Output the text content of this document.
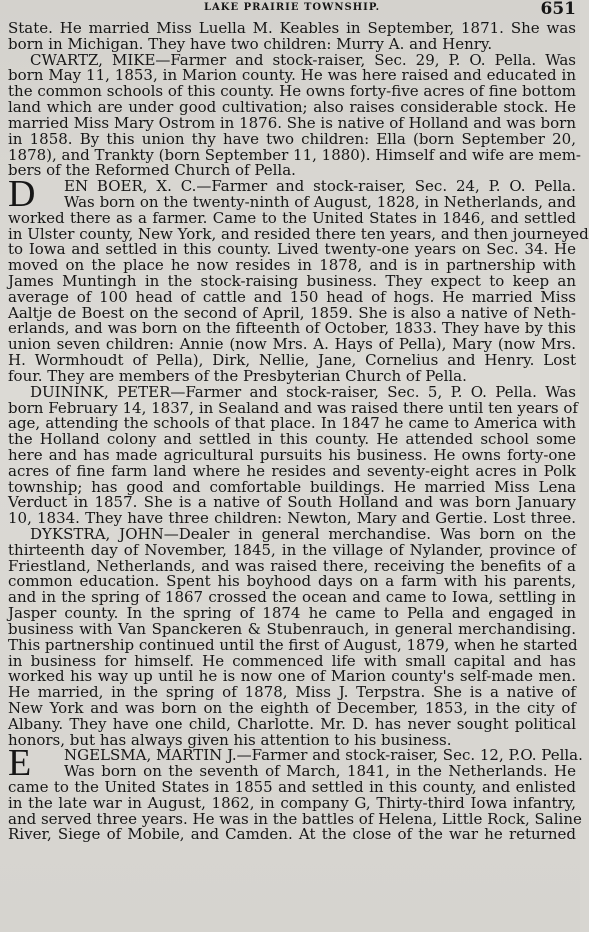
LAKE PRAIRIE TOWNSHIP.	651
State. He married Miss Luella M. Keables in September, 1871. She was
born in Michigan. They have two children: Murry A. and Henry.
CWARTZ, MIKE—Farmer and stock-raiser, Sec. 29, P. O. Pella. Was
born May 11, 1853, in Marion county. He was here raised and educated in
the common schools of this county. He owns forty-five acres of fine bottom
land which are under good cultivation; also raises considerable stock. He
married Miss Mary Ostrom in 1876. She is native of Holland and was born
in 1858. By this union thy have two children: Ella (born September 20,
1878), and Trankty (born September 11, 1880). Himself and wife are mem-
bers of the Reformed Church of Pella.
D EN BOER, X. C.—Farmer and stock-raiser, Sec. 24, P. O. Pella.
Was born on the twenty-ninth of August, 1828, in Netherlands, and
worked there as a farmer. Came to the United States in 1846, and settled
in Ulster county, New York, and resided there ten years, and then journeyed
to Iowa and settled in this county. Lived twenty-one years on Sec. 34. He
moved on the place he now resides in 1878, and is in partnership with
James Muntingh in the stock-raising business. They expect to keep an
average of 100 head of cattle and 150 head of hogs. He married Miss
Aaltje de Boest on the second of April, 1859. She is also a native of Neth-
erlands, and was born on the fifteenth of October, 1833. They have by this
union seven children: Annie (now Mrs. A. Hays of Pella), Mary (now Mrs.
H. Wormhoudt of Pella), Dirk, Nellie, Jane, Cornelius and Henry. Lost
four. They are members of the Presbyterian Church of Pella.
DUININK, PETER—Farmer and stock-raiser, Sec. 5, P. O. Pella. Was
born February 14, 1837, in Sealand and was raised there until ten years of
age, attending the schools of that place. In 1847 he came to America with
the Holland colony and settled in this county. He attended school some
here and has made agricultural pursuits his business. He owns forty-one
acres of fine farm land where he resides and seventy-eight acres in Polk
township; has good and comfortable buildings. He married Miss Lena
Verduct in 1857. She is a native of South Holland and was born January
10, 1834. They have three children: Newton, Mary and Gertie. Lost three.
DYKSTRA, JOHN—Dealer in general merchandise. Was born on the
thirteenth day of November, 1845, in the village of Nylander, province of
Friestland, Netherlands, and was raised there, receiving the benefits of a
common education. Spent his boyhood days on a farm with his parents,
and in the spring of 1867 crossed the ocean and came to Iowa, settling in
Jasper county. In the spring of 1874 he came to Pella and engaged in
business with Van Spanckeren & Stubenrauch, in general merchandising.
This partnership continued until the first of August, 1879, when he started
in business for himself. He commenced life with small capital and has
worked his way up until he is now one of Marion county's self-made men.
He married, in the spring of 1878, Miss J. Terpstra. She is a native of
New York and was born on the eighth of December, 1853, in the city of
Albany. They have one child, Charlotte. Mr. D. has never sought political
honors, but has always given his attention to his business.
E NGELSMA, MARTIN J.—Farmer and stock-raiser, Sec. 12, P.O. Pella.
Was born on the seventh of March, 1841, in the Netherlands. He
came to the United States in 1855 and settled in this county, and enlisted
in the late war in August, 1862, in company G, Thirty-third Iowa infantry,
and served three years. He was in the battles of Helena, Little Rock, Saline
River, Siege of Mobile, and Camden. At the close of the war he returned
